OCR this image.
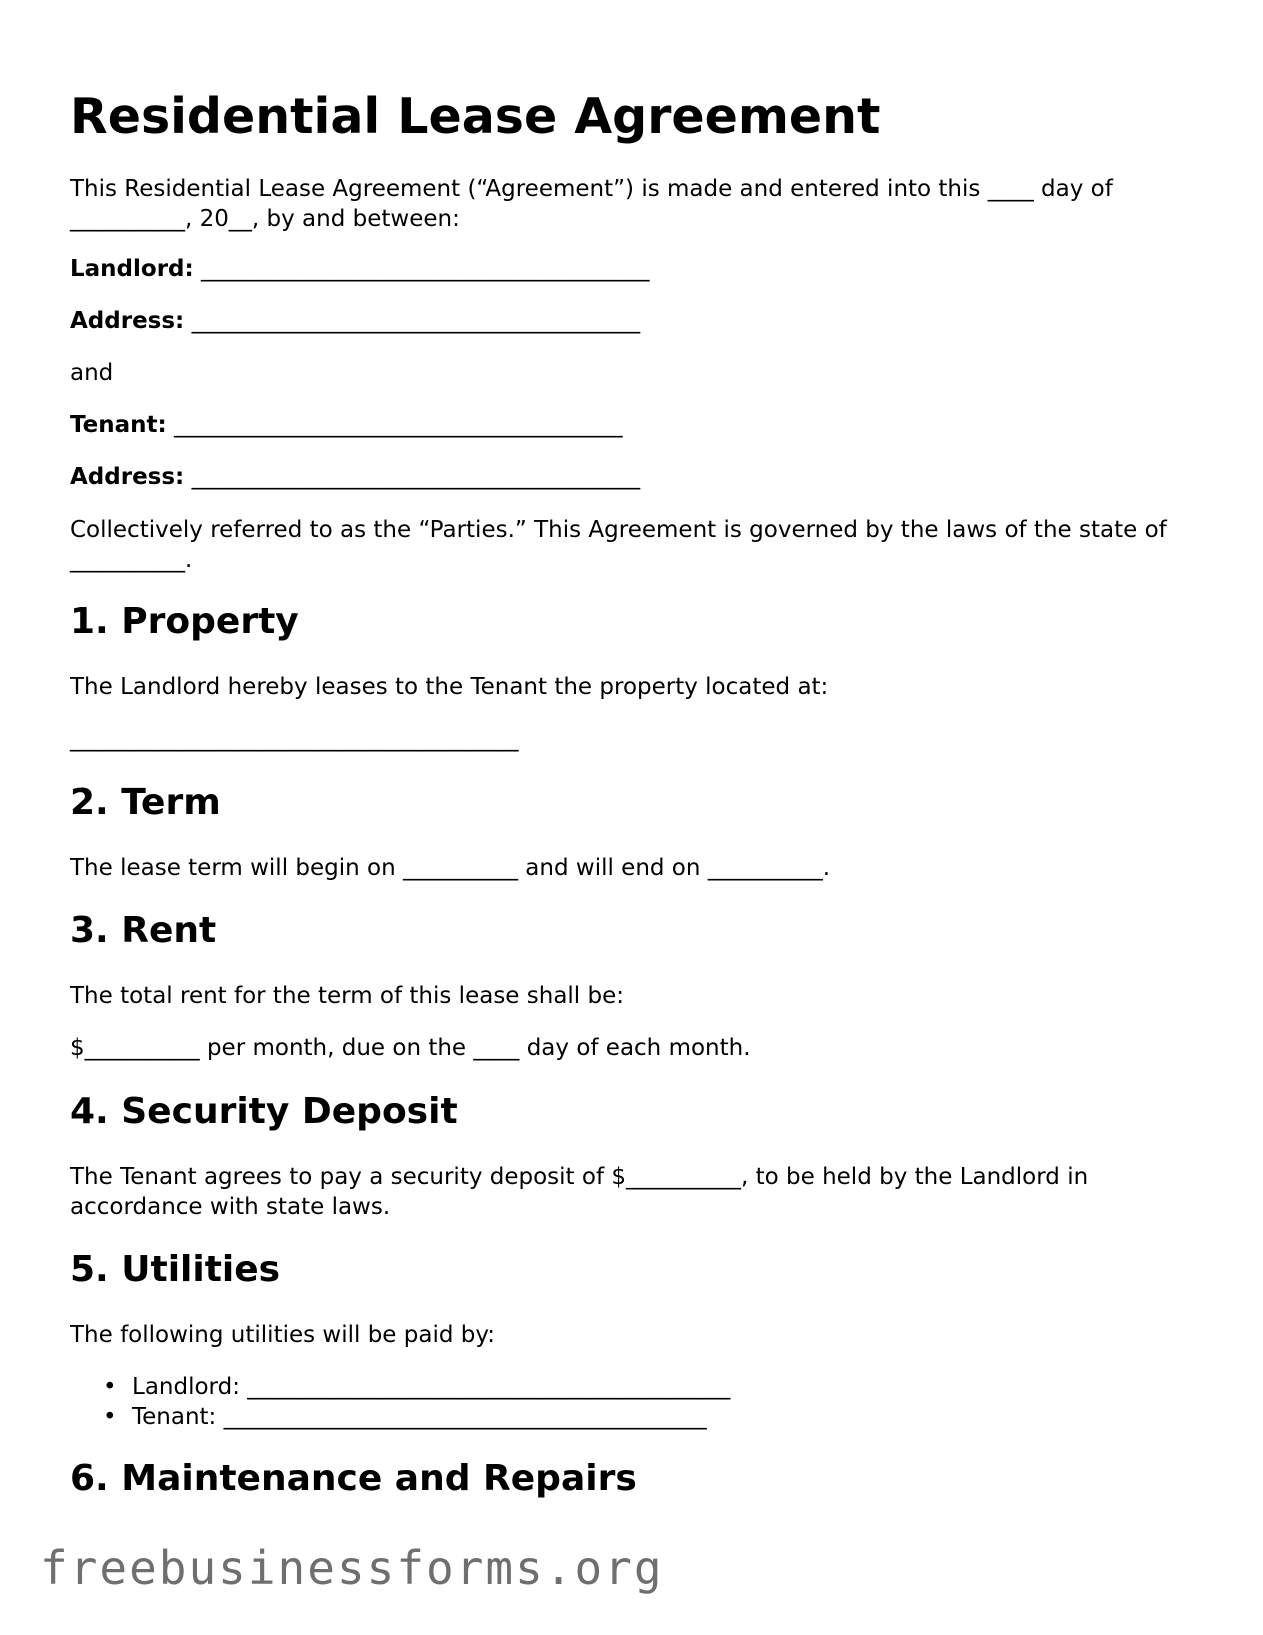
Residential Lease Agreement

This Residential Lease Agreement (“Agreement”) is made and entered into this ____ day of __________, 20__, by and between:

Landlord: _______________________________________

Address: _______________________________________

and

Tenant: _______________________________________

Address: _______________________________________

Collectively referred to as the “Parties.” This Agreement is governed by the laws of the state of __________.

1. Property

The Landlord hereby leases to the Tenant the property located at:

_______________________________________

2. Term

The lease term will begin on __________ and will end on __________.

3. Rent

The total rent for the term of this lease shall be:

$__________ per month, due on the ____ day of each month.

4. Security Deposit

The Tenant agrees to pay a security deposit of $__________, to be held by the Landlord in accordance with state laws.

5. Utilities

The following utilities will be paid by:

• Landlord: __________________________________________
• Tenant: __________________________________________
6. Maintenance and Repairs
freebusinessforms.org
